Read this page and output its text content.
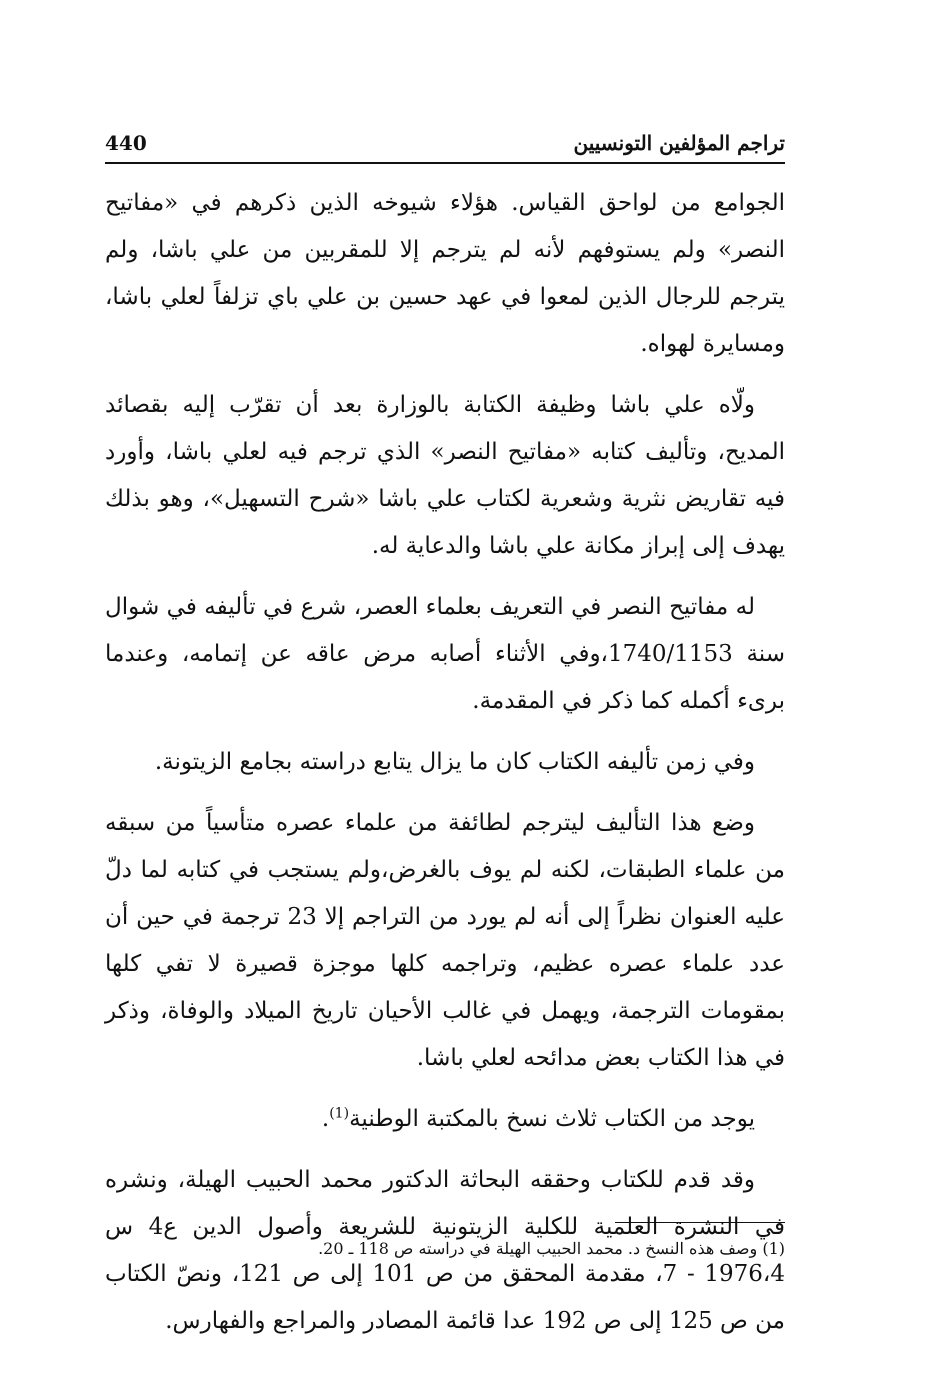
تراجم المؤلفين التونسيين
440

الجوامع من لواحق القياس. هؤلاء شيوخه الذين ذكرهم في «مفاتيح النصر» ولم يستوفهم لأنه لم يترجم إلا للمقربين من علي باشا، ولم يترجم للرجال الذين لمعوا في عهد حسين بن علي باي تزلفاً لعلي باشا، ومسايرة لهواه.

ولّاه علي باشا وظيفة الكتابة بالوزارة بعد أن تقرّب إليه بقصائد المديح، وتأليف كتابه «مفاتيح النصر» الذي ترجم فيه لعلي باشا، وأورد فيه تقاريض نثرية وشعرية لكتاب علي باشا «شرح التسهيل»، وهو بذلك يهدف إلى إبراز مكانة علي باشا والدعاية له.

له مفاتيح النصر في التعريف بعلماء العصر، شرع في تأليفه في شوال سنة 1740/1153،وفي الأثناء أصابه مرض عاقه عن إتمامه، وعندما برىء أكمله كما ذكر في المقدمة.

وفي زمن تأليفه الكتاب كان ما يزال يتابع دراسته بجامع الزيتونة.

وضع هذا التأليف ليترجم لطائفة من علماء عصره متأسياً من سبقه من علماء الطبقات، لكنه لم يوف بالغرض،ولم يستجب في كتابه لما دلّ عليه العنوان نظراً إلى أنه لم يورد من التراجم إلا 23 ترجمة في حين أن عدد علماء عصره عظيم، وتراجمه كلها موجزة قصيرة لا تفي كلها بمقومات الترجمة، ويهمل في غالب الأحيان تاريخ الميلاد والوفاة، وذكر في هذا الكتاب بعض مدائحه لعلي باشا.

يوجد من الكتاب ثلاث نسخ بالمكتبة الوطنية$^{(1)}$.

وقد قدم للكتاب وحققه البحاثة الدكتور محمد الحبيب الهيلة، ونشره في النشرة العلمية للكلية الزيتونية للشريعة وأصول الدين ع4 س 1976،4 - 7، مقدمة المحقق من ص 101 إلى ص 121، ونصّ الكتاب من ص 125 إلى ص 192 عدا قائمة المصادر والمراجع والفهارس.

(1) وصف هذه النسخ د. محمد الحبيب الهيلة في دراسته ص 118 ـ 20.
